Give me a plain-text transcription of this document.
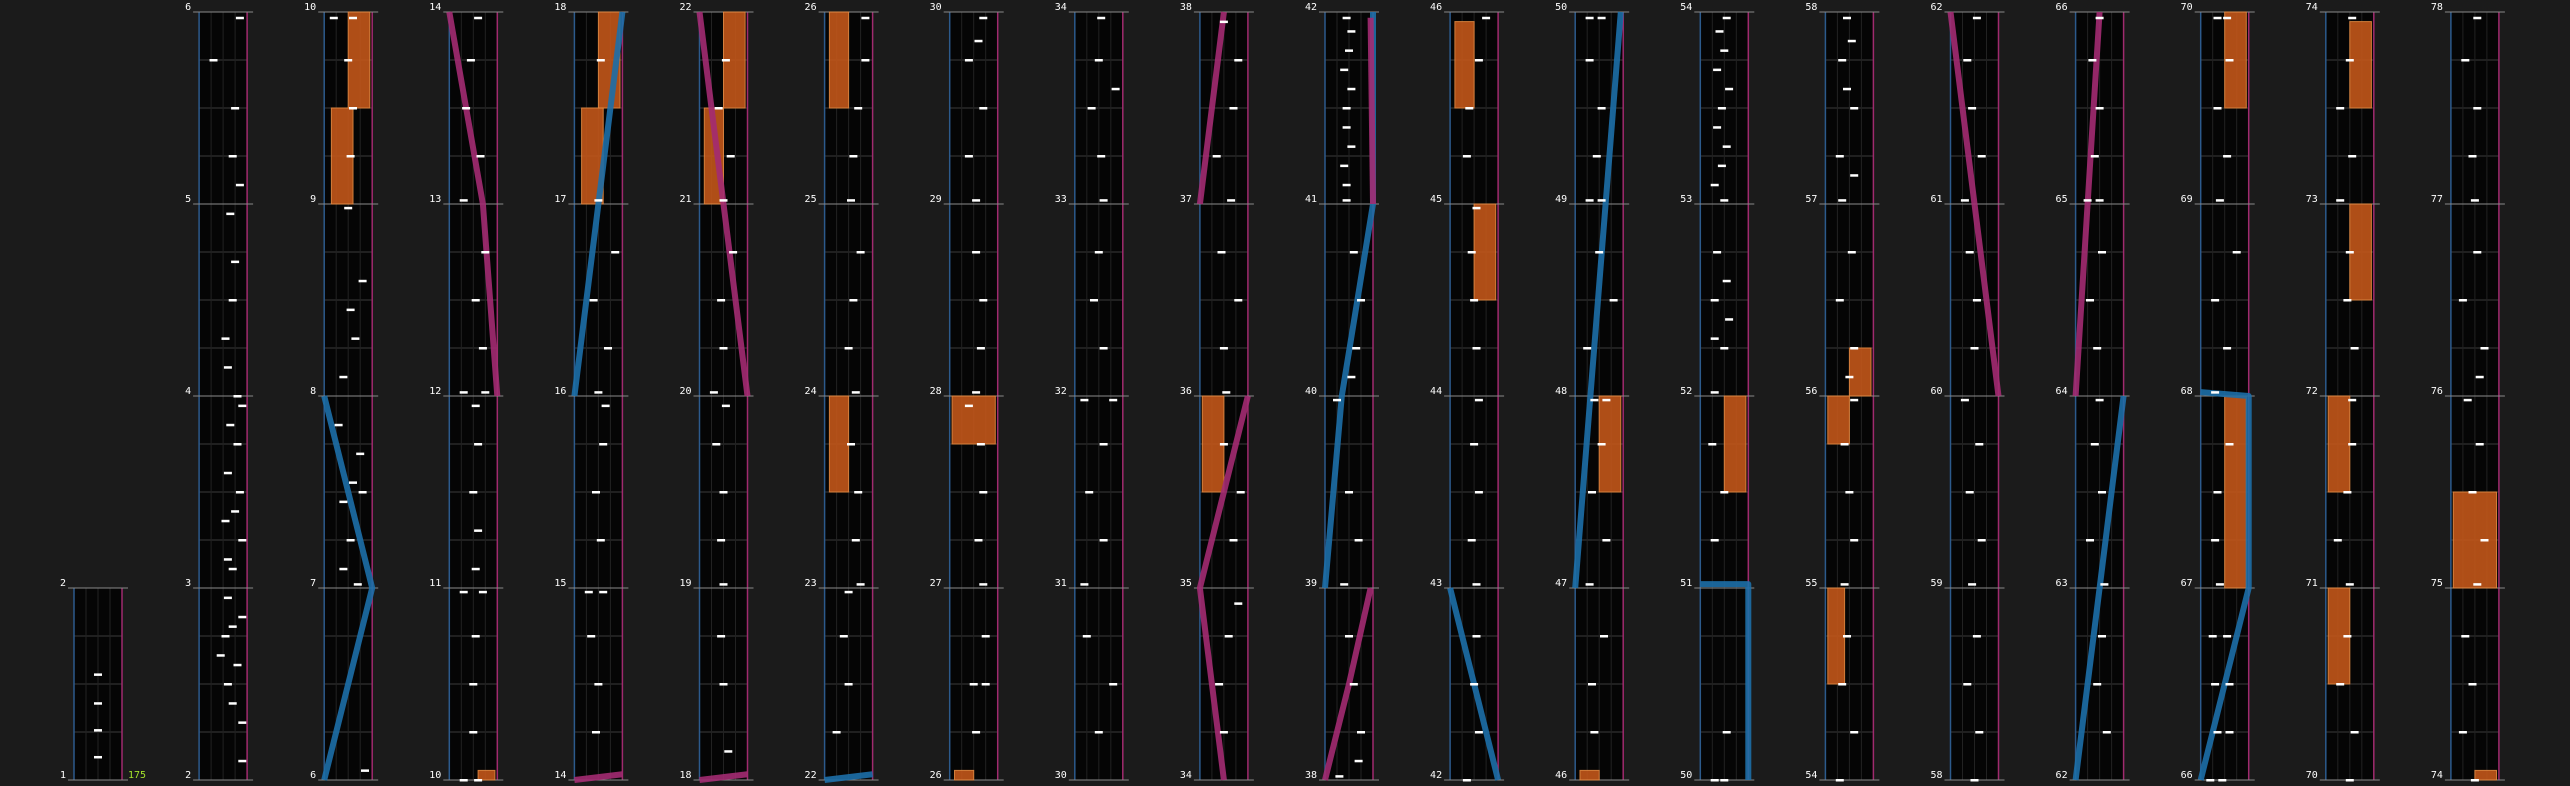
1
2
2
3
4
5
6
6
7
8
9
10
10
11
12
13
14
14
15
16
17
18
18
19
20
21
22
22
23
24
25
26
26
27
28
29
30
30
31
32
33
34
34
35
36
37
38
38
39
40
41
42
42
43
44
45
46
46
47
48
49
50
50
51
52
53
54
54
55
56
57
58
58
59
60
61
62
62
63
64
65
66
66
67
68
69
70
70
71
72
73
74
74
75
76
77
78
175
